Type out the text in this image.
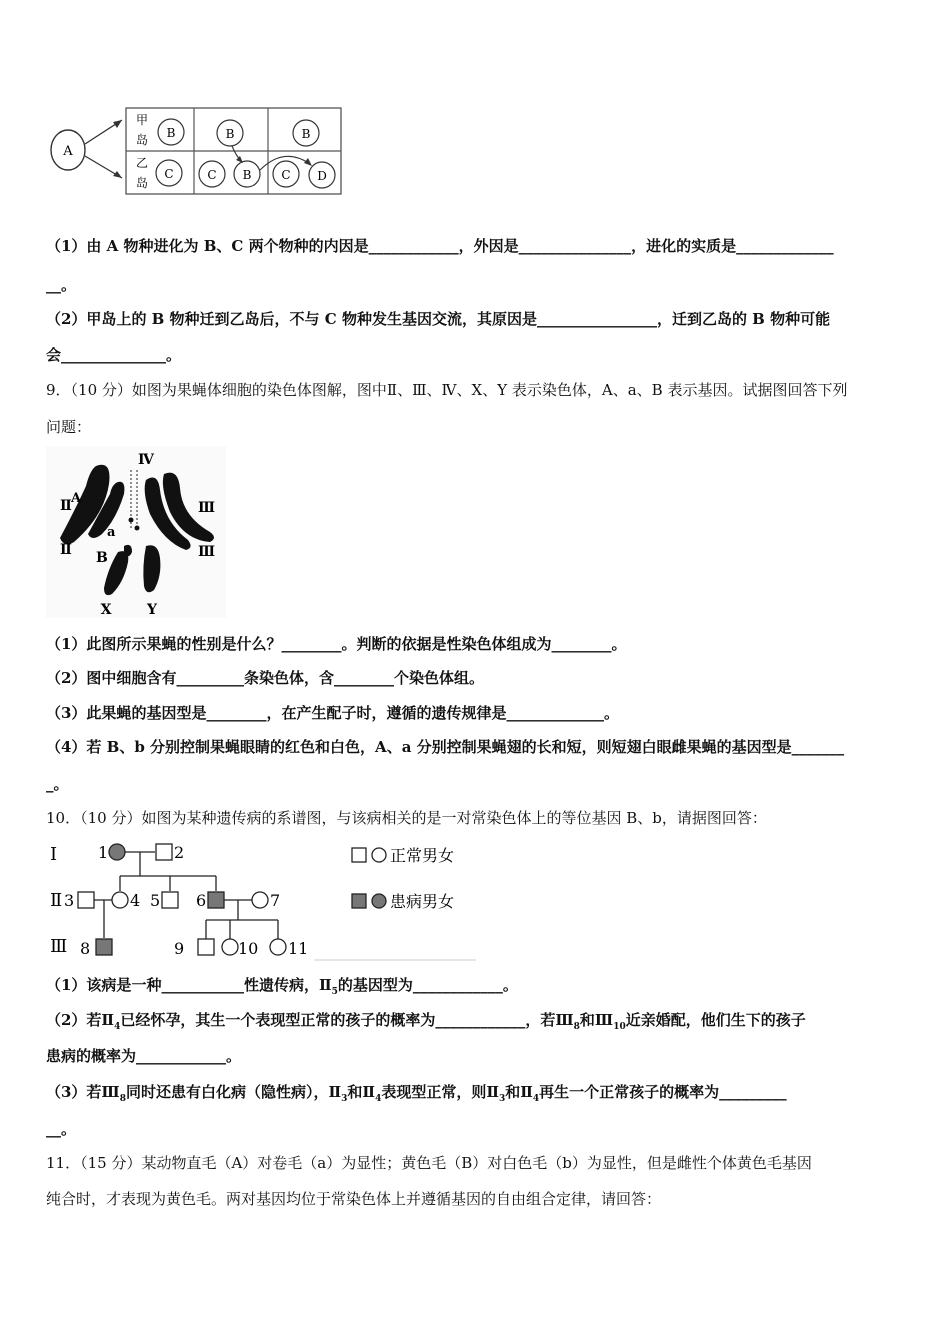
A
甲
岛
乙
岛
B	B	B
C	C B C D
（1）由 A 物种进化为 B、C 两个物种的内因是____________，外因是_______________，进化的实质是_____________
__。
（2）甲岛上的 B 物种迁到乙岛后，不与 C 物种发生基因交流，其原因是________________，迁到乙岛的 B 物种可能
会______________。
9．（10 分）如图为果蝇体细胞的染色体图解，图中Ⅱ、Ⅲ、Ⅳ、X、Y 表示染色体，A、a、B 表示基因。试据图回答下列
问题：
Ⅳ
Ⅱ A
a
Ⅱ
Ⅲ
Ⅲ
B
X	Y
（1）此图所示果蝇的性别是什么？________。判断的依据是性染色体组成为________。
（2）图中细胞含有_________条染色体，含________个染色体组。
（3）此果蝇的基因型是________，在产生配子时，遵循的遗传规律是_____________。
（4）若 B、b 分别控制果蝇眼睛的红色和白色，A、a 分别控制果蝇翅的长和短，则短翅白眼雌果蝇的基因型是_______
_。
10．（10 分）如图为某种遗传病的系谱图，与该病相关的是一对常染色体上的等位基因 B、b，请据图回答：
Ⅰ
Ⅱ
Ⅲ
1	2
3	4 5 6	7
8	9	10 11
正常男女
患病男女
（1）该病是一种___________性遗传病，$Ⅱ_5$的基因型为____________。
（2）若$Ⅱ_4$已经怀孕，其生一个表现型正常的孩子的概率为____________，若$Ⅲ_8$和$Ⅲ_{10}$近亲婚配，他们生下的孩子
患病的概率为____________。
（3）若$Ⅲ_8$同时还患有白化病（隐性病），$Ⅱ_3$和$Ⅱ_4$表现型正常，则$Ⅱ_3$和$Ⅱ_4$再生一个正常孩子的概率为_________
__。
11．（15 分）某动物直毛（A）对卷毛（a）为显性；黄色毛（B）对白色毛（b）为显性，但是雌性个体黄色毛基因
纯合时，才表现为黄色毛。两对基因均位于常染色体上并遵循基因的自由组合定律，请回答：
